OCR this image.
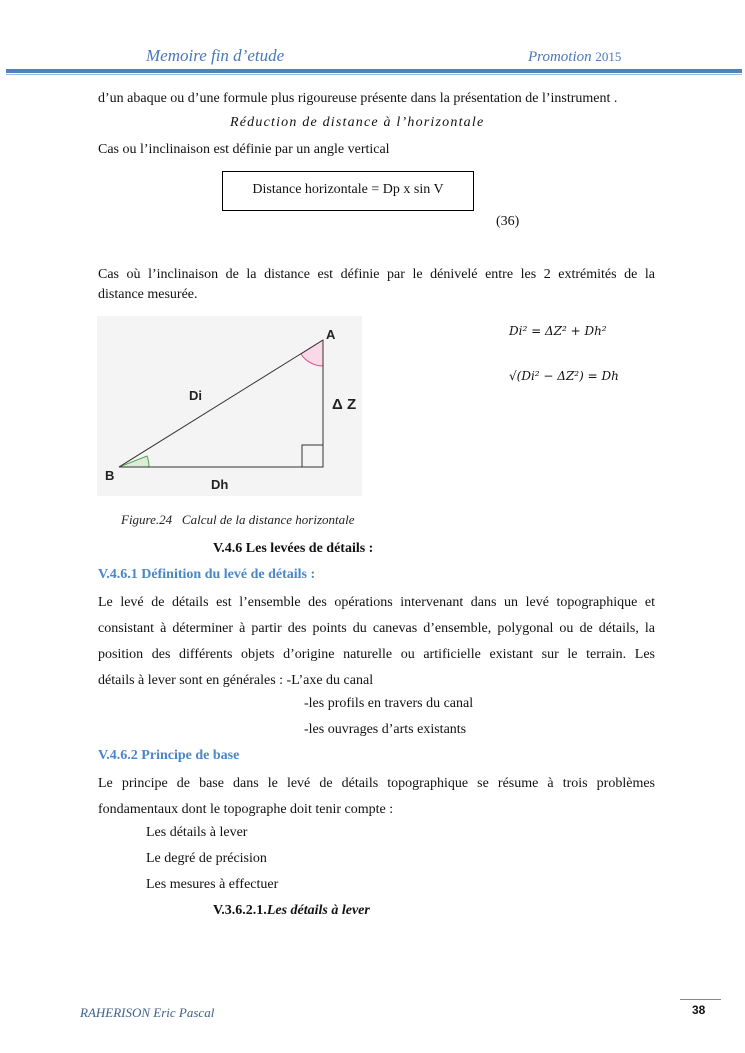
Memoire fin d’etude	Promotion 2015
d’un abaque ou d’une formule plus rigoureuse présente dans la présentation de l’instrument .
Réduction de distance à l’horizontale
Cas ou l’inclinaison est définie par un angle vertical
Distance horizontale = Dp x sin V
(36)
Cas où l’inclinaison de la distance est définie par le dénivelé entre les 2 extrémités de la
distance mesurée.
A
B
Di
Dh
Δ Z
Di² = ΔZ² + Dh²
√(Di² − ΔZ²) = Dh
Figure.24 Calcul de la distance horizontale
V.4.6 Les levées de détails :
V.4.6.1 Définition du levé de détails :
Le levé de détails est l’ensemble des opérations intervenant dans un levé topographique et
consistant à déterminer à partir des points du canevas d’ensemble, polygonal ou de détails, la
position des différents objets d’origine naturelle ou artificielle existant sur le terrain. Les
détails à lever sont en générales : -L’axe du canal
-les profils en travers du canal
-les ouvrages d’arts existants
V.4.6.2 Principe de base
Le principe de base dans le levé de détails topographique se résume à trois problèmes
fondamentaux dont le topographe doit tenir compte :
Les détails à lever
Le degré de précision
Les mesures à effectuer
V.3.6.2.1.Les détails à lever
RAHERISON Eric Pascal	38
